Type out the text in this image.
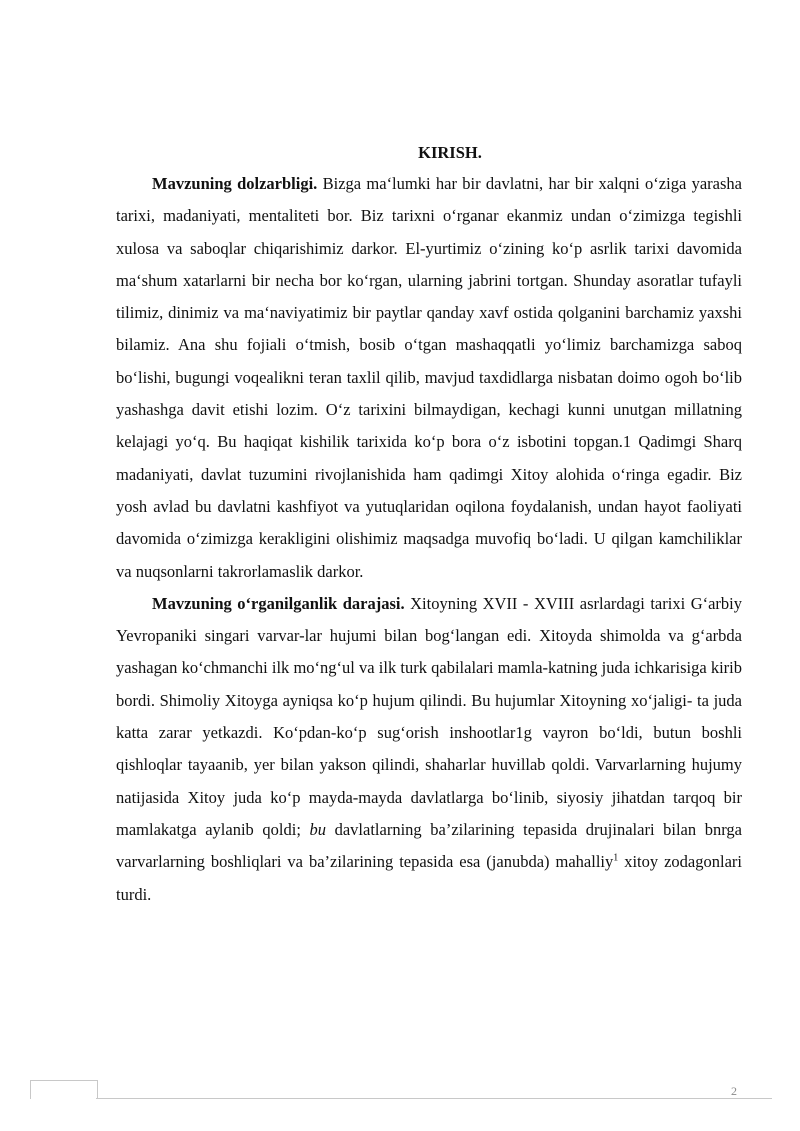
KIRISH.

Mavzuning dolzarbligi. Bizga ma‘lumki har bir davlatni, har bir xalqni o‘ziga yarasha tarixi, madaniyati, mentaliteti bor. Biz tarixni o‘rganar ekanmiz undan o‘zimizga tegishli xulosa va saboqlar chiqarishimiz darkor. El-yurtimiz o‘zining ko‘p asrlik tarixi davomida ma‘shum xatarlarni bir necha bor ko‘rgan, ularning jabrini tortgan. Shunday asoratlar tufayli tilimiz, dinimiz va ma‘naviyatimiz bir paytlar qanday xavf ostida qolganini barchamiz yaxshi bilamiz. Ana shu fojiali o‘tmish, bosib o‘tgan mashaqqatli yo‘limiz barchamizga saboq bo‘lishi, bugungi voqealikni teran taxlil qilib, mavjud taxdidlarga nisbatan doimo ogoh bo‘lib yashashga davit etishi lozim. O‘z tarixini bilmaydigan, kechagi kunni unutgan millatning kelajagi yo‘q. Bu haqiqat kishilik tarixida ko‘p bora o‘z isbotini topgan.1 Qadimgi Sharq madaniyati, davlat tuzumini rivojlanishida ham qadimgi Xitoy alohida o‘ringa egadir. Biz yosh avlad bu davlatni kashfiyot va yutuqlaridan oqilona foydalanish, undan hayot faoliyati davomida o‘zimizga kerakligini olishimiz maqsadga muvofiq bo‘ladi. U qilgan kamchiliklar va nuqsonlarni takrorlamaslik darkor.

Mavzuning o‘rganilganlik darajasi. Xitoyning XVII - XVIII asrlardagi tarixi G‘arbiy Yevropaniki singari varvar-lar hujumi bilan bog‘langan edi. Xitoyda shimolda va g‘arbda yashagan ko‘chmanchi ilk mo‘ng‘ul va ilk turk qabilalari mamla-katning juda ichkarisiga kirib bordi. Shimoliy Xitoyga ayniqsa ko‘p hujum qilindi. Bu hujumlar Xitoyning xo‘jaligi- ta juda katta zarar yetkazdi. Ko‘pdan-ko‘p sug‘orish inshootlar1g vayron bo‘ldi, butun boshli qishloqlar tayaanib, yer bilan yakson qilindi, shaharlar huvillab qoldi. Varvarlarning hujumy natijasida Xitoy juda ko‘p mayda-mayda davlatlarga bo‘linib, siyosiy jihatdan tarqoq bir mamlakatga aylanib qoldi; bu davlatlarning ba’zilarining tepasida drujinalari bilan bnrga varvarlarning boshliqlari va ba’zilarining tepasida esa (janubda) mahalliy$^1$ xitoy zodagonlari turdi.

2
